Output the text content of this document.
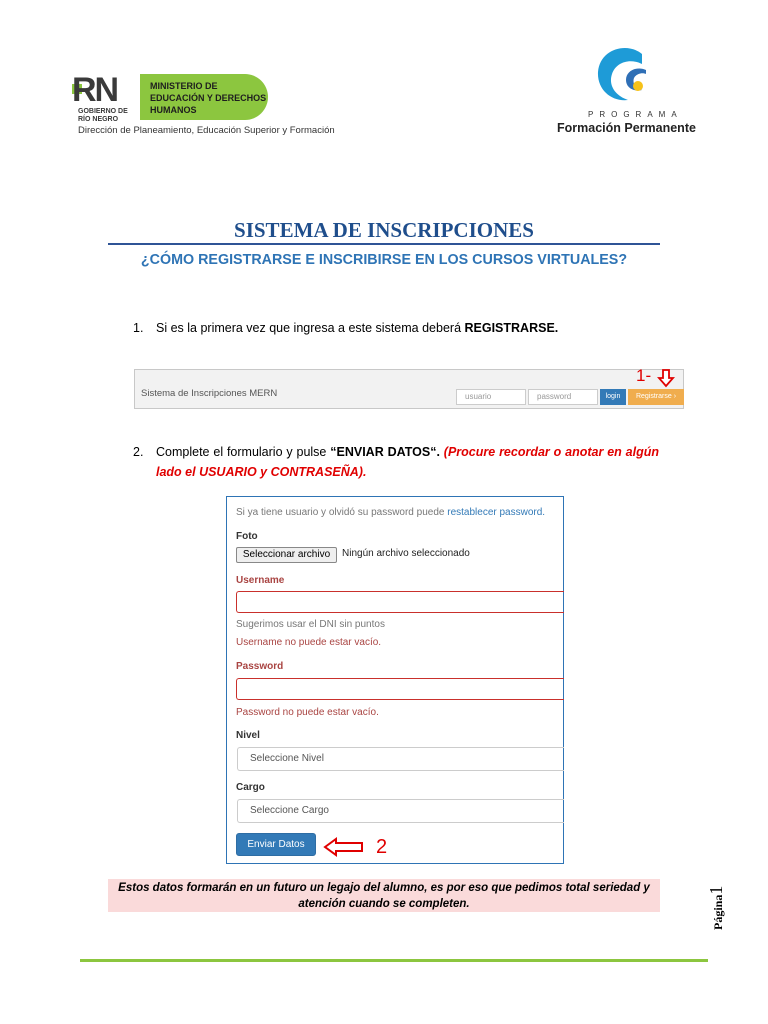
RN
GOBIERNO DE RÍO NEGRO
MINISTERIO DE EDUCACIÓN Y DERECHOS HUMANOS
Dirección de Planeamiento, Educación Superior y Formación
PROGRAMA
Formación Permanente
SISTEMA DE INSCRIPCIONES
¿CÓMO REGISTRARSE E INSCRIBIRSE EN LOS CURSOS VIRTUALES?
1.	Si es la primera vez que ingresa a este sistema deberá REGISTRARSE.
Sistema de Inscripciones MERN	usuario	password	login	Registrarse ›
1-
2.	Complete el formulario y pulse “ENVIAR DATOS“. (Procure recordar o anotar en algún lado el USUARIO y CONTRASEÑA).
Si ya tiene usuario y olvidó su password puede restablecer password.
Foto
Seleccionar archivo	Ningún archivo seleccionado
Username
Sugerimos usar el DNI sin puntos
Username no puede estar vacío.
Password
Password no puede estar vacío.
Nivel
Seleccione Nivel
Cargo
Seleccione Cargo
Enviar Datos	2
Estos datos formarán en un futuro un legajo del alumno, es por eso que pedimos total seriedad y atención cuando se completen.	Página1
